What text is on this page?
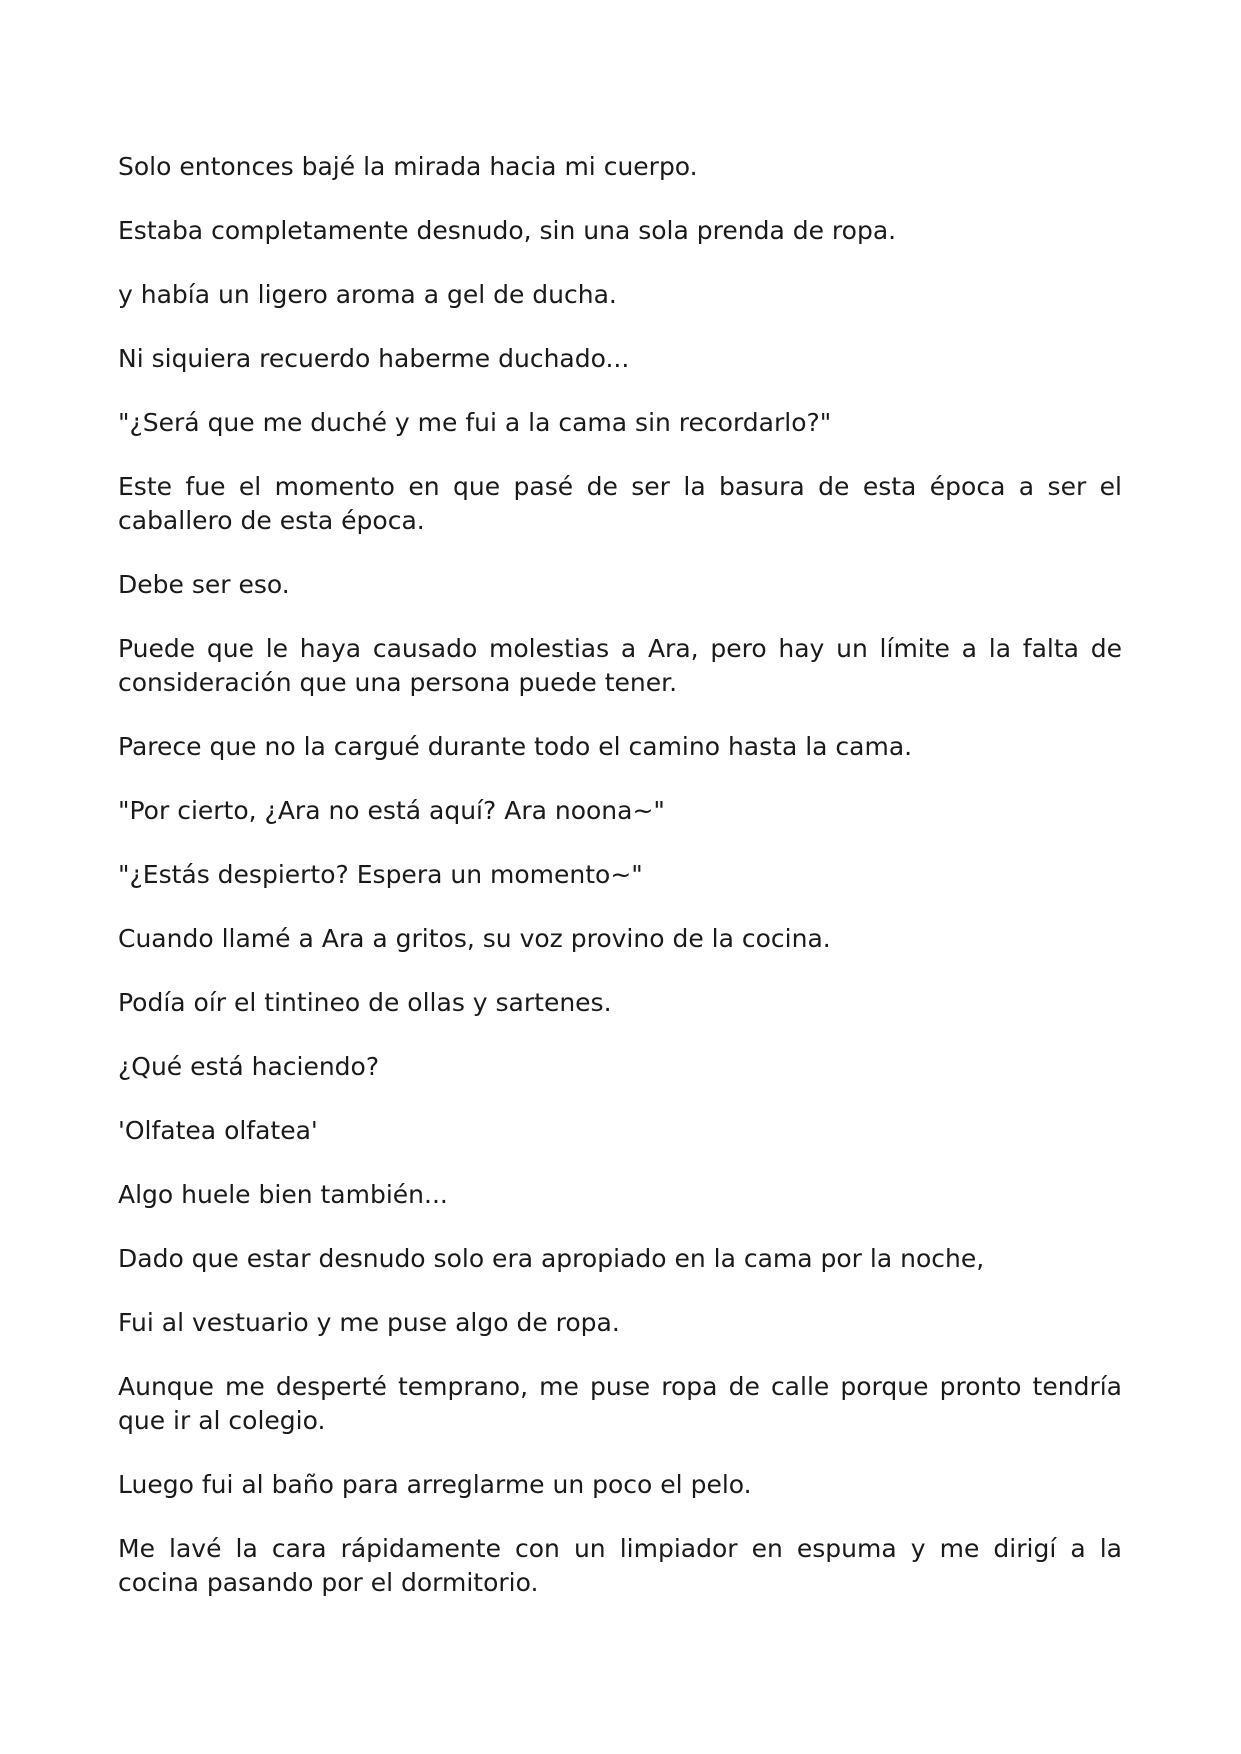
Solo entonces bajé la mirada hacia mi cuerpo.

Estaba completamente desnudo, sin una sola prenda de ropa.

y había un ligero aroma a gel de ducha.

Ni siquiera recuerdo haberme duchado...

"¿Será que me duché y me fui a la cama sin recordarlo?"

Este fue el momento en que pasé de ser la basura de esta época a ser el caballero de esta época.

Debe ser eso.

Puede que le haya causado molestias a Ara, pero hay un límite a la falta de consideración que una persona puede tener.

Parece que no la cargué durante todo el camino hasta la cama.

"Por cierto, ¿Ara no está aquí? Ara noona~"

"¿Estás despierto? Espera un momento~"

Cuando llamé a Ara a gritos, su voz provino de la cocina.

Podía oír el tintineo de ollas y sartenes.

¿Qué está haciendo?

'Olfatea olfatea'

Algo huele bien también...

Dado que estar desnudo solo era apropiado en la cama por la noche,

Fui al vestuario y me puse algo de ropa.

Aunque me desperté temprano, me puse ropa de calle porque pronto tendría que ir al colegio.

Luego fui al baño para arreglarme un poco el pelo.

Me lavé la cara rápidamente con un limpiador en espuma y me dirigí a la cocina pasando por el dormitorio.
